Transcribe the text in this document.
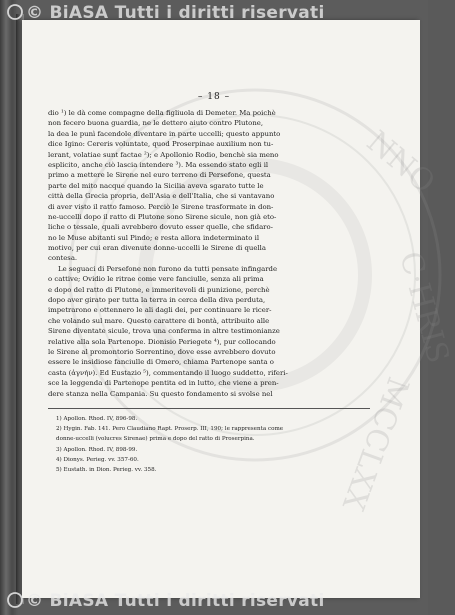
NNO
C·HRIS
MCCLXX
© BiASA Tutti i diritti riservati
– 18 –
dio ¹) le dà come compagne della figliuola di Demeter. Ma poichè
non fecero buona guardia, ne le dettero aiuto contro Plutone,
la dea le punì facendole diventare in parte uccelli; questo appunto
dice Igino: Cereris voluntate, quod Proserpinae auxilium non tu-
lerant, volatiae sunt factae ²); e Apollonio Rodio, benchè sia meno
esplicito, anche ciò lascia intendere ³). Ma essendo stato egli il
primo a mettere le Sirene nel euro terreno di Persefone, questa
parte del mito nacque quando la Sicilia aveva sgarato tutte le
città della Grecia propria, dell'Asia e dell'Italia, che si vantavano
di aver visto il ratto famoso. Perciò le Sirene trasformate in don-
ne-uccelli dopo il ratto di Plutone sono Sirene sicule, non già eto-
liche o tessale, quali avrebbero dovuto esser quelle, che sfidaro-
no le Muse abitanti sul Pindo; e resta allora indeterminato il
motivo, per cui eran divenute donne-uccelli le Sirene di quella
contesa.
Le seguaci di Persefone non furono da tutti pensate infingarde
o cattive; Ovidio le ritrae come vere fanciulle, senza ali prima
e dopo del ratto di Plutone, e immeritevoli di punizione, perchè
dopo aver girato per tutta la terra in cerca della diva perduta,
impetrarono e ottennero le ali dagli dei, per continuare le ricer-
che volando sul mare. Questo carattere di bontà, attribuito alle
Sirene diventate sicule, trova una conferma in altre testimonianze
relative alla sola Partenope. Dionisio Periegete ⁴), pur collocando
le Sirene al promontorio Sorrentino, dove esse avrebbero dovuto
essere le insidiose fanciulle di Omero, chiama Partenope santa o
casta (ἁγνήν). Ed Eustazio ⁵), commentando il luogo suddetto, riferi-
sce la leggenda di Partenope pentita ed in lutto, che viene a pren-
dere stanza nella Campania. Su questo fondamento si svolse nel
1) Apollon. Rhod. IV, 896-98.
2) Hygin. Fab. 141. Pero Claudiano Rapt. Proserp. III, 190; le rappresenta come
donne-uccelli (volucres Sirenae) prima e dopo del ratto di Proserpina.
3) Apollon. Rhod. IV, 898-99.
4) Dionys. Perieg. vv. 357-60.
5) Eustath. in Dion. Perieg. vv. 358.
© BiASA Tutti i diritti riservati
